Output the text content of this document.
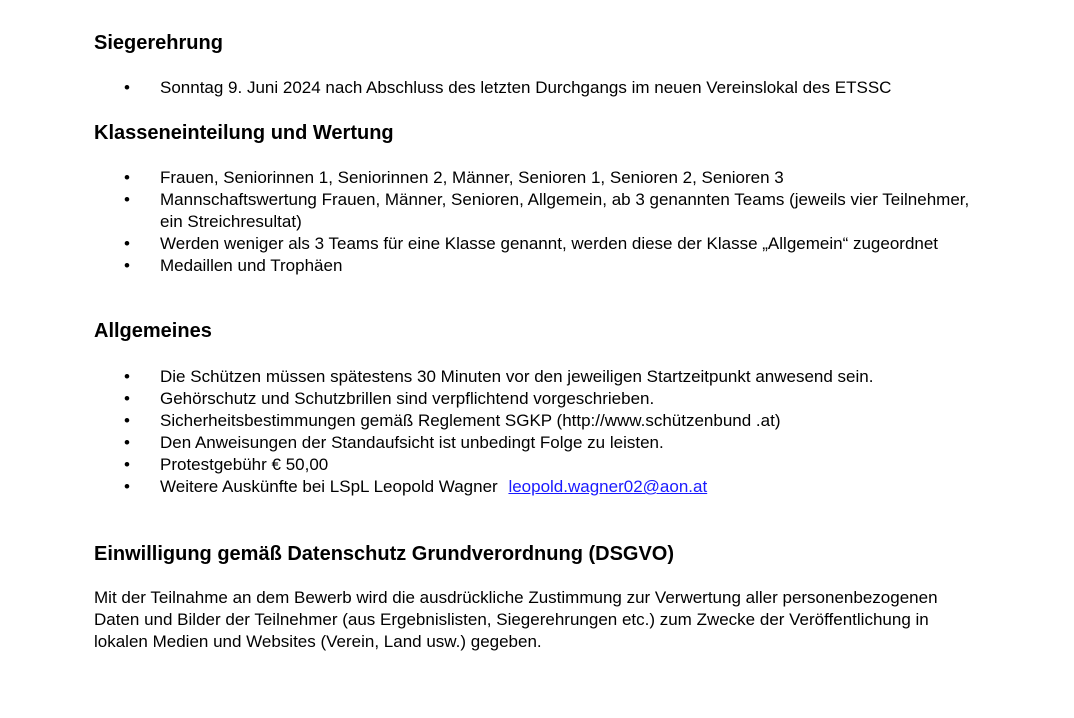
Siegerehrung
• Sonntag 9. Juni 2024 nach Abschluss des letzten Durchgangs im neuen Vereinslokal des ETSSC
Klasseneinteilung und Wertung
• Frauen, Seniorinnen 1, Seniorinnen 2, Männer, Senioren 1, Senioren 2, Senioren 3
• Mannschaftswertung Frauen, Männer, Senioren, Allgemein, ab 3 genannten Teams (jeweils vier Teilnehmer, ein Streichresultat)
• Werden weniger als 3 Teams für eine Klasse genannt, werden diese der Klasse „Allgemein“ zugeordnet
• Medaillen und Trophäen
Allgemeines
• Die Schützen müssen spätestens 30 Minuten vor den jeweiligen Startzeitpunkt anwesend sein.
• Gehörschutz und Schutzbrillen sind verpflichtend vorgeschrieben.
• Sicherheitsbestimmungen gemäß Reglement SGKP (http://www.schützenbund .at)
• Den Anweisungen der Standaufsicht ist unbedingt Folge zu leisten.
• Protestgebühr € 50,00
• Weitere Auskünfte bei LSpL Leopold Wagner leopold.wagner02@aon.at
Einwilligung gemäß Datenschutz Grundverordnung (DSGVO)

Mit der Teilnahme an dem Bewerb wird die ausdrückliche Zustimmung zur Verwertung aller personenbezogenen Daten und Bilder der Teilnehmer (aus Ergebnislisten, Siegerehrungen etc.) zum Zwecke der Veröffentlichung in lokalen Medien und Websites (Verein, Land usw.) gegeben.
